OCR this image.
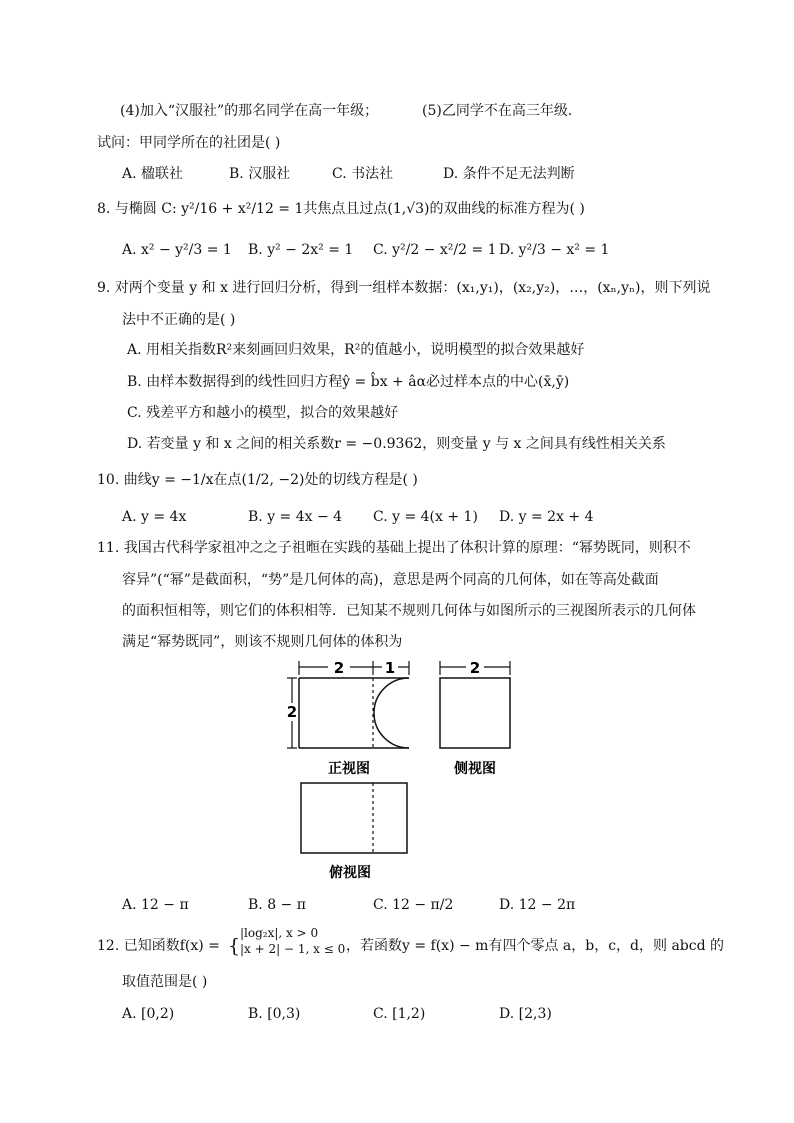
(4)加入“汉服社”的那名同学在高一年级；	(5)乙同学不在高三年级．
试问：甲同学所在的社团是( )
A. 楹联社	B. 汉服社	C. 书法社	D. 条件不足无法判断
8. 与椭圆 C: y²/16 + x²/12 = 1共焦点且过点(1,√3)的双曲线的标准方程为( )
A. x² − y²/3 = 1 B. y² − 2x² = 1 C. y²/2 − x²/2 = 1 D. y²/3 − x² = 1
9. 对两个变量 y 和 x 进行回归分析，得到一组样本数据：(x₁,y₁)，(x₂,y₂)，…，(xₙ,yₙ)，则下列说
法中不正确的是( )
A. 用相关指数R²来刻画回归效果，R²的值越小，说明模型的拟合效果越好
B. 由样本数据得到的线性回归方程ŷ = b̂x + âα必过样本点的中心(x̄,ȳ)
C. 残差平方和越小的模型，拟合的效果越好
D. 若变量 y 和 x 之间的相关系数r = −0.9362，则变量 y 与 x 之间具有线性相关关系
10. 曲线y = −1/x在点(1/2, −2)处的切线方程是( )
A. y = 4x	B. y = 4x − 4 C. y = 4(x + 1) D. y = 2x + 4
11. 我国古代科学家祖冲之之子祖暅在实践的基础上提出了体积计算的原理：“幂势既同，则积不
容异”(“幂”是截面积，“势”是几何体的高)，意思是两个同高的几何体，如在等高处截面
的面积恒相等，则它们的体积相等．已知某不规则几何体与如图所示的三视图所表示的几何体
满足“幂势既同”，则该不规则几何体的体积为
2	1
2
正视图
2
侧视图
俯视图
A. 12 − π	B. 8 − π	C. 12 − π/2	D. 12 − 2π
12. 已知函数f(x) = {
|log₂x|, x > 0
|x + 2| − 1, x ≤ 0 ，若函数y = f(x) − m有四个零点 a，b，c，d，则 abcd 的
取值范围是( )
A. [0,2)	B. [0,3)	C. [1,2)	D. [2,3)
